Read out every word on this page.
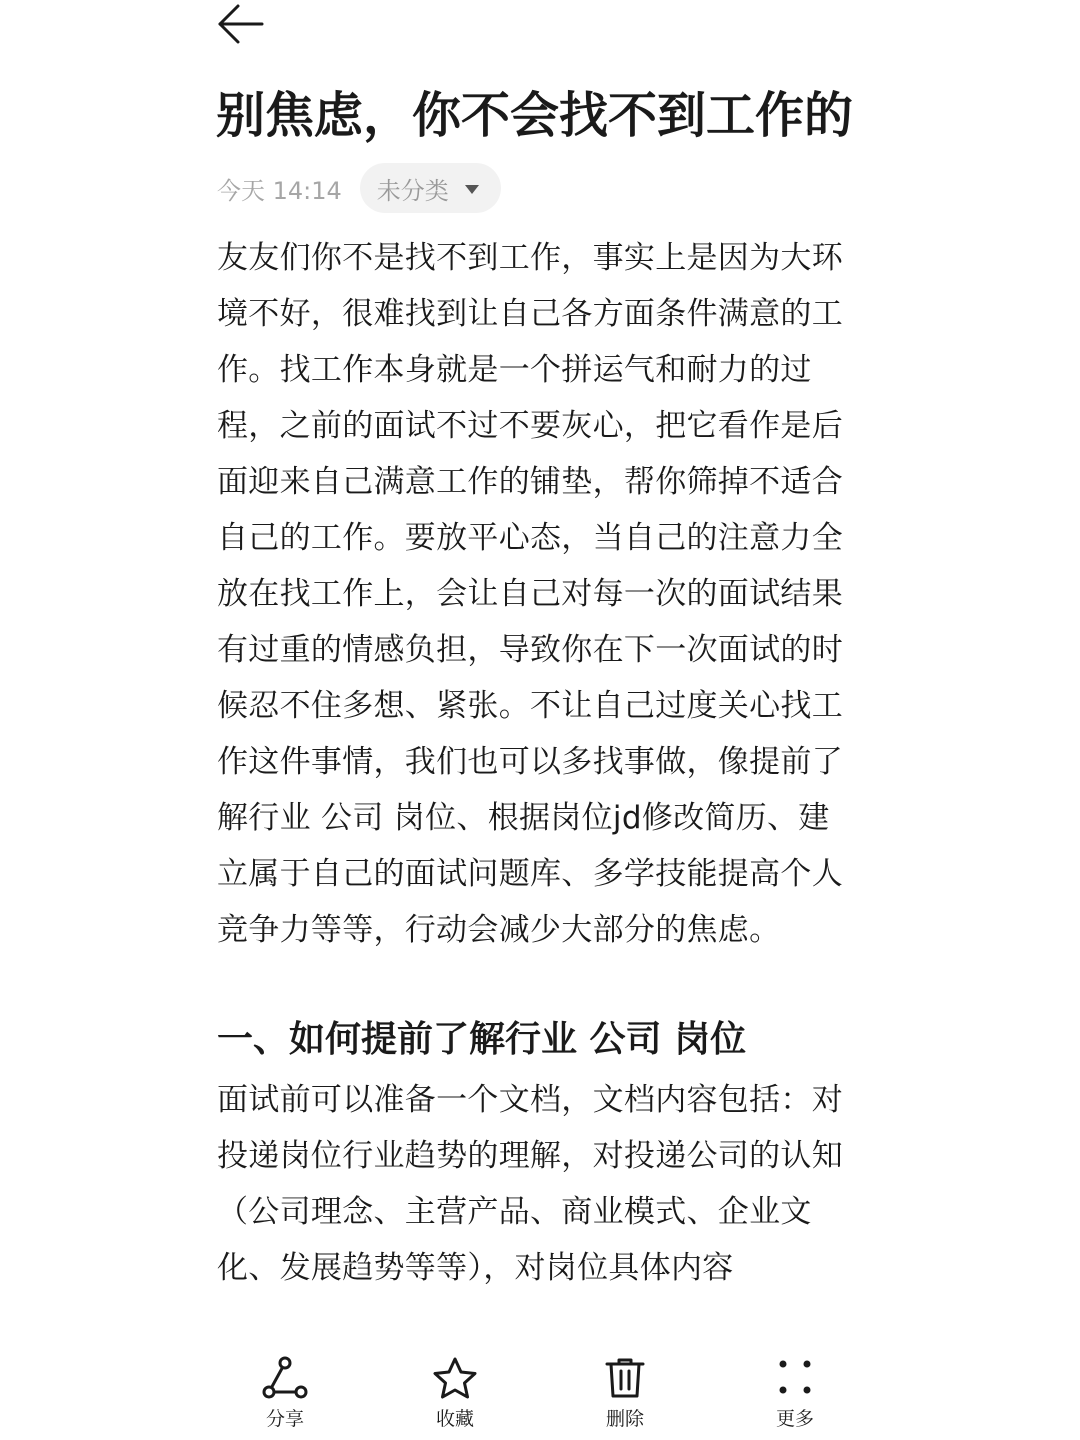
别焦虑，你不会找不到工作的
今天 14:14 未分类

友友们你不是找不到工作，事实上是因为大环境不好，很难找到让自己各方面条件满意的工作。找工作本身就是一个拼运气和耐力的过程，之前的面试不过不要灰心，把它看作是后面迎来自己满意工作的铺垫，帮你筛掉不适合自己的工作。要放平心态，当自己的注意力全放在找工作上，会让自己对每一次的面试结果有过重的情感负担，导致你在下一次面试的时候忍不住多想、紧张。不让自己过度关心找工作这件事情，我们也可以多找事做，像提前了解行业 公司 岗位、根据岗位jd修改简历、建立属于自己的面试问题库、多学技能提高个人竞争力等等，行动会减少大部分的焦虑。

一、如何提前了解行业 公司 岗位

面试前可以准备一个文档，文档内容包括：对投递岗位行业趋势的理解，对投递公司的认知（公司理念、主营产品、商业模式、企业文化、发展趋势等等），对岗位具体内容

分享	收藏	删除	更多
